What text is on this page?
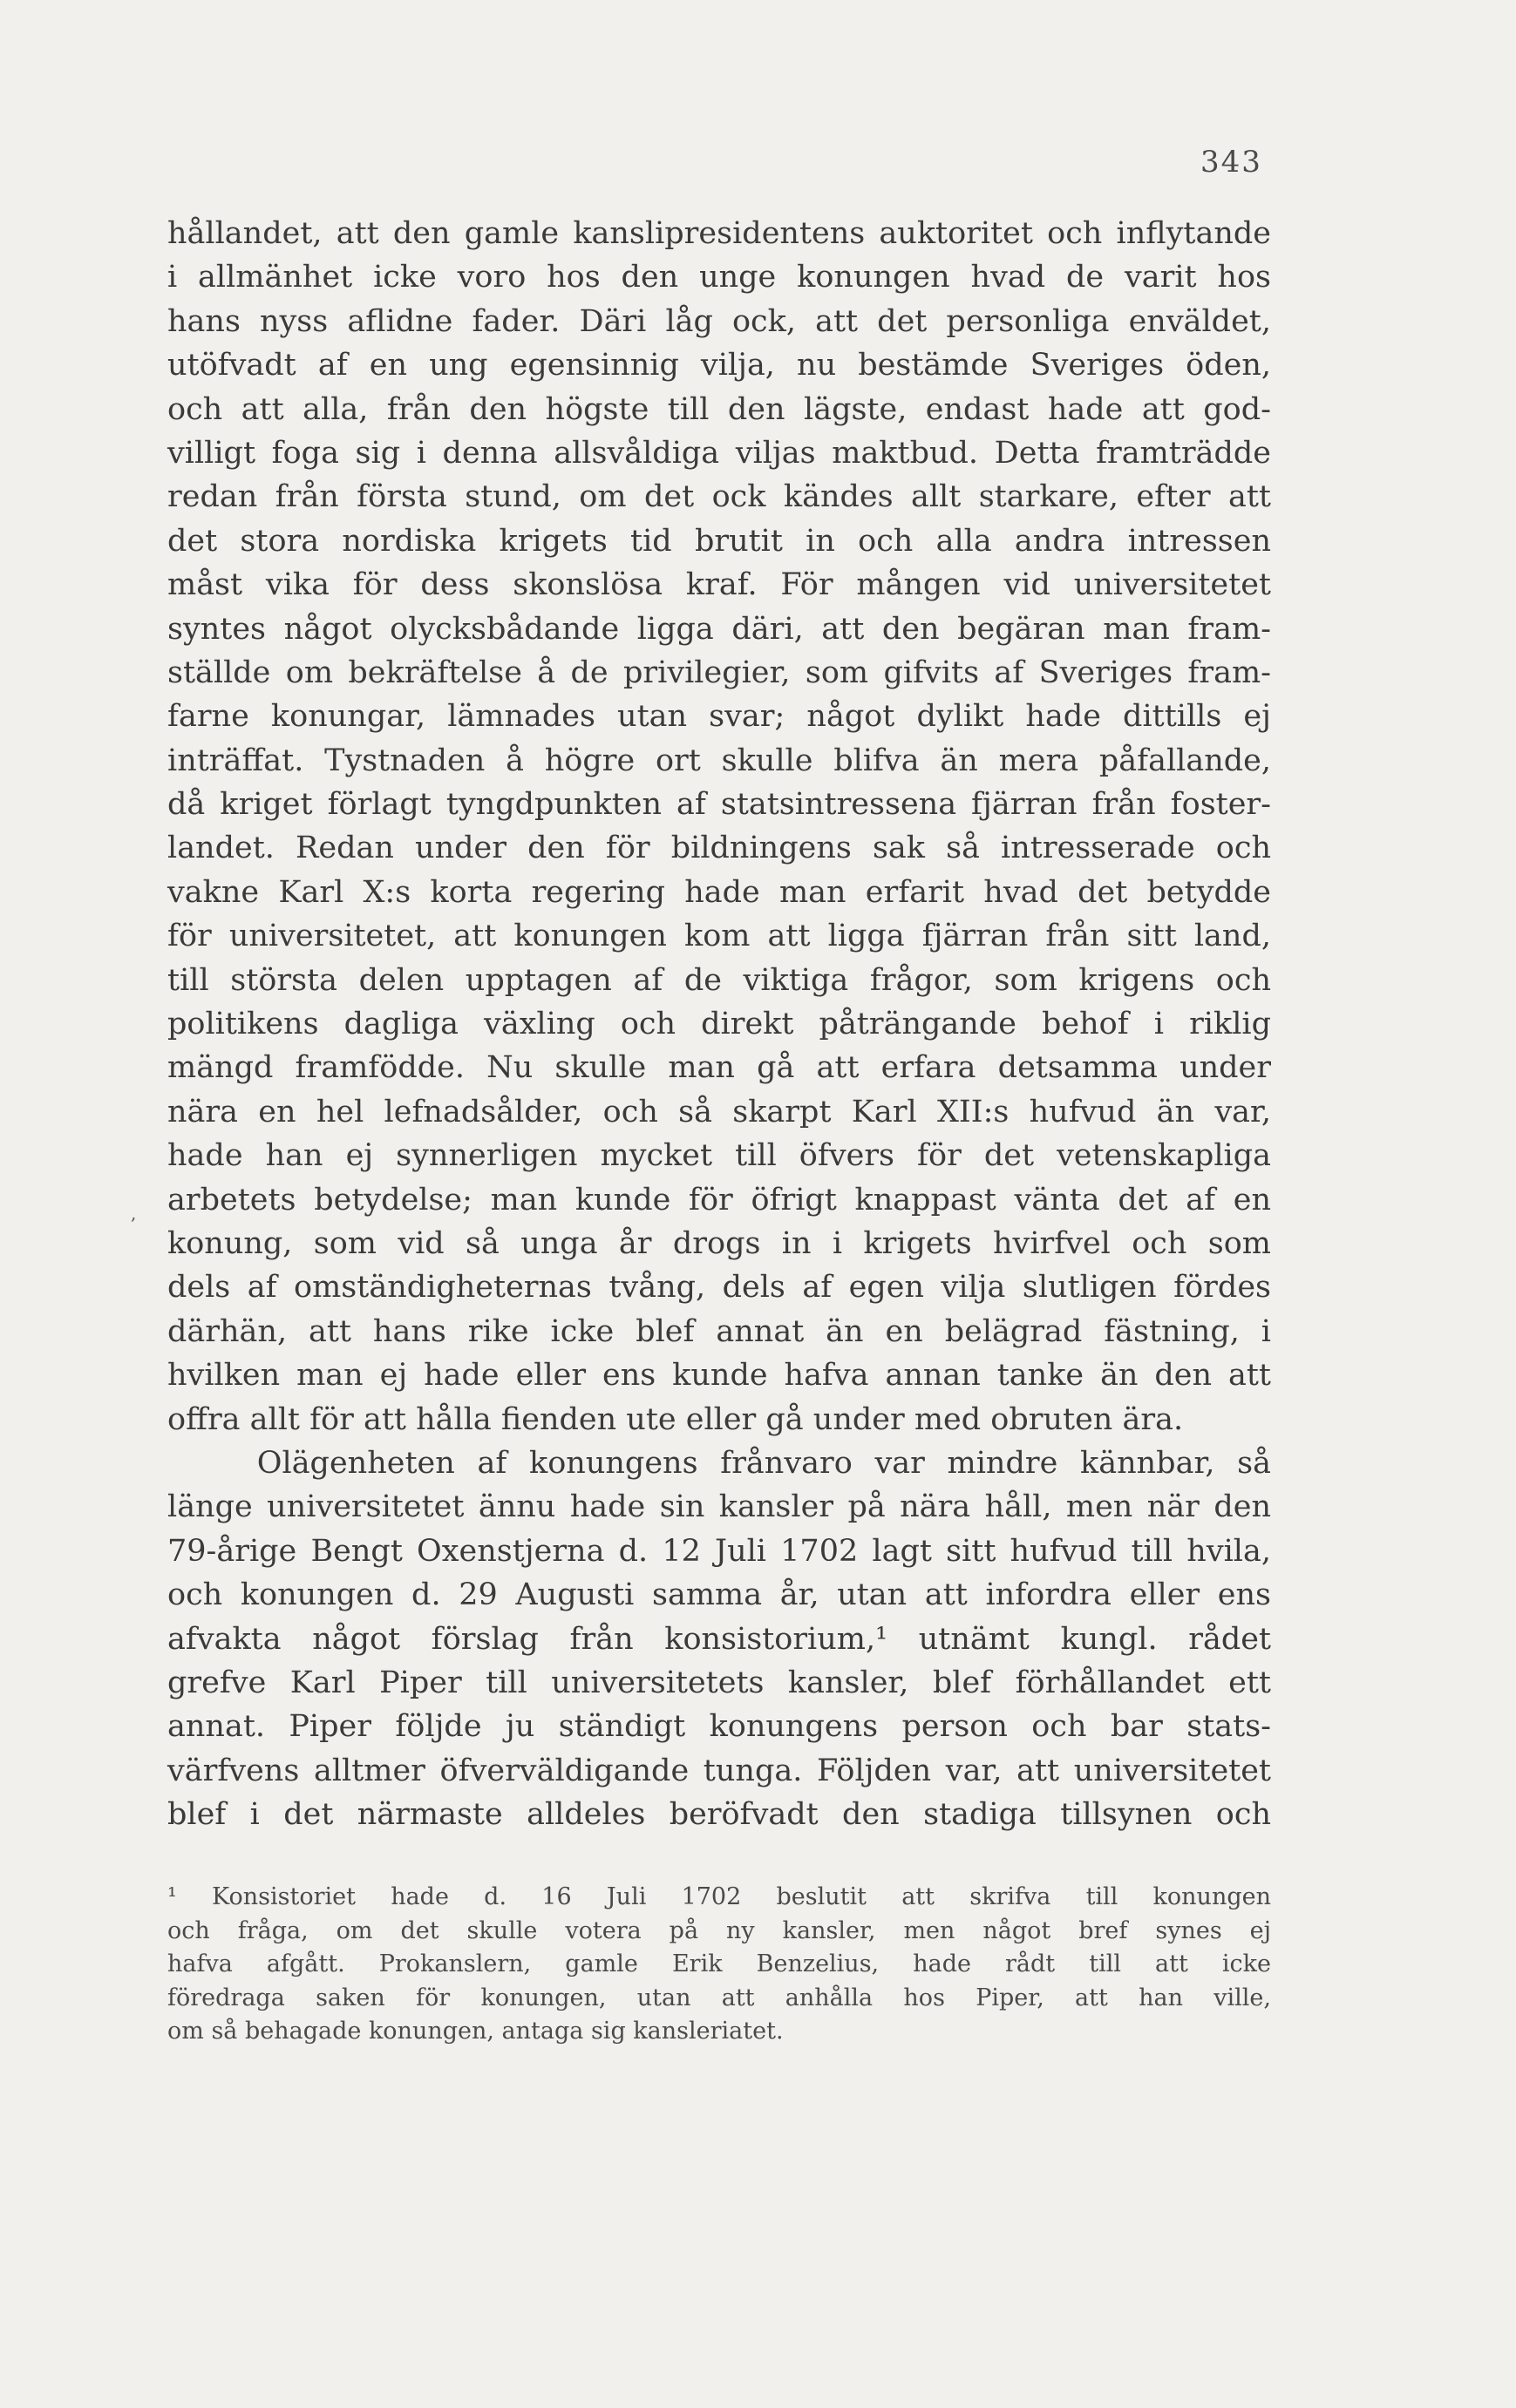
343
hållandet, att den gamle kanslipresidentens auktoritet och inflytande
i allmänhet icke voro hos den unge konungen hvad de varit hos
hans nyss aflidne fader. Däri låg ock, att det personliga enväldet,
utöfvadt af en ung egensinnig vilja, nu bestämde Sveriges öden,
och att alla, från den högste till den lägste, endast hade att god-
villigt foga sig i denna allsvåldiga viljas maktbud. Detta framträdde
redan från första stund, om det ock kändes allt starkare, efter att
det stora nordiska krigets tid brutit in och alla andra intressen
måst vika för dess skonslösa kraf. För mången vid universitetet
syntes något olycksbådande ligga däri, att den begäran man fram-
ställde om bekräftelse å de privilegier, som gifvits af Sveriges fram-
farne konungar, lämnades utan svar; något dylikt hade dittills ej
inträffat. Tystnaden å högre ort skulle blifva än mera påfallande,
då kriget förlagt tyngdpunkten af statsintressena fjärran från foster-
landet. Redan under den för bildningens sak så intresserade och
vakne Karl X:s korta regering hade man erfarit hvad det betydde
för universitetet, att konungen kom att ligga fjärran från sitt land,
till största delen upptagen af de viktiga frågor, som krigens och
politikens dagliga växling och direkt påträngande behof i riklig
mängd framfödde. Nu skulle man gå att erfara detsamma under
nära en hel lefnadsålder, och så skarpt Karl XII:s hufvud än var,
hade han ej synnerligen mycket till öfvers för det vetenskapliga
arbetets betydelse; man kunde för öfrigt knappast vänta det af en
konung, som vid så unga år drogs in i krigets hvirfvel och som
dels af omständigheternas tvång, dels af egen vilja slutligen fördes
därhän, att hans rike icke blef annat än en belägrad fästning, i
hvilken man ej hade eller ens kunde hafva annan tanke än den att
offra allt för att hålla fienden ute eller gå under med obruten ära.
Olägenheten af konungens frånvaro var mindre kännbar, så
länge universitetet ännu hade sin kansler på nära håll, men när den
79-årige Bengt Oxenstjerna d. 12 Juli 1702 lagt sitt hufvud till hvila,
och konungen d. 29 Augusti samma år, utan att infordra eller ens
afvakta något förslag från konsistorium,¹ utnämt kungl. rådet
grefve Karl Piper till universitetets kansler, blef förhållandet ett
annat. Piper följde ju ständigt konungens person och bar stats-
värfvens alltmer öfverväldigande tunga. Följden var, att universitetet
blef i det närmaste alldeles beröfvadt den stadiga tillsynen och
,
¹ Konsistoriet hade d. 16 Juli 1702 beslutit att skrifva till konungen
och fråga, om det skulle votera på ny kansler, men något bref synes ej
hafva afgått. Prokanslern, gamle Erik Benzelius, hade rådt till att icke
föredraga saken för konungen, utan att anhålla hos Piper, att han ville,
om så behagade konungen, antaga sig kansleriatet.
